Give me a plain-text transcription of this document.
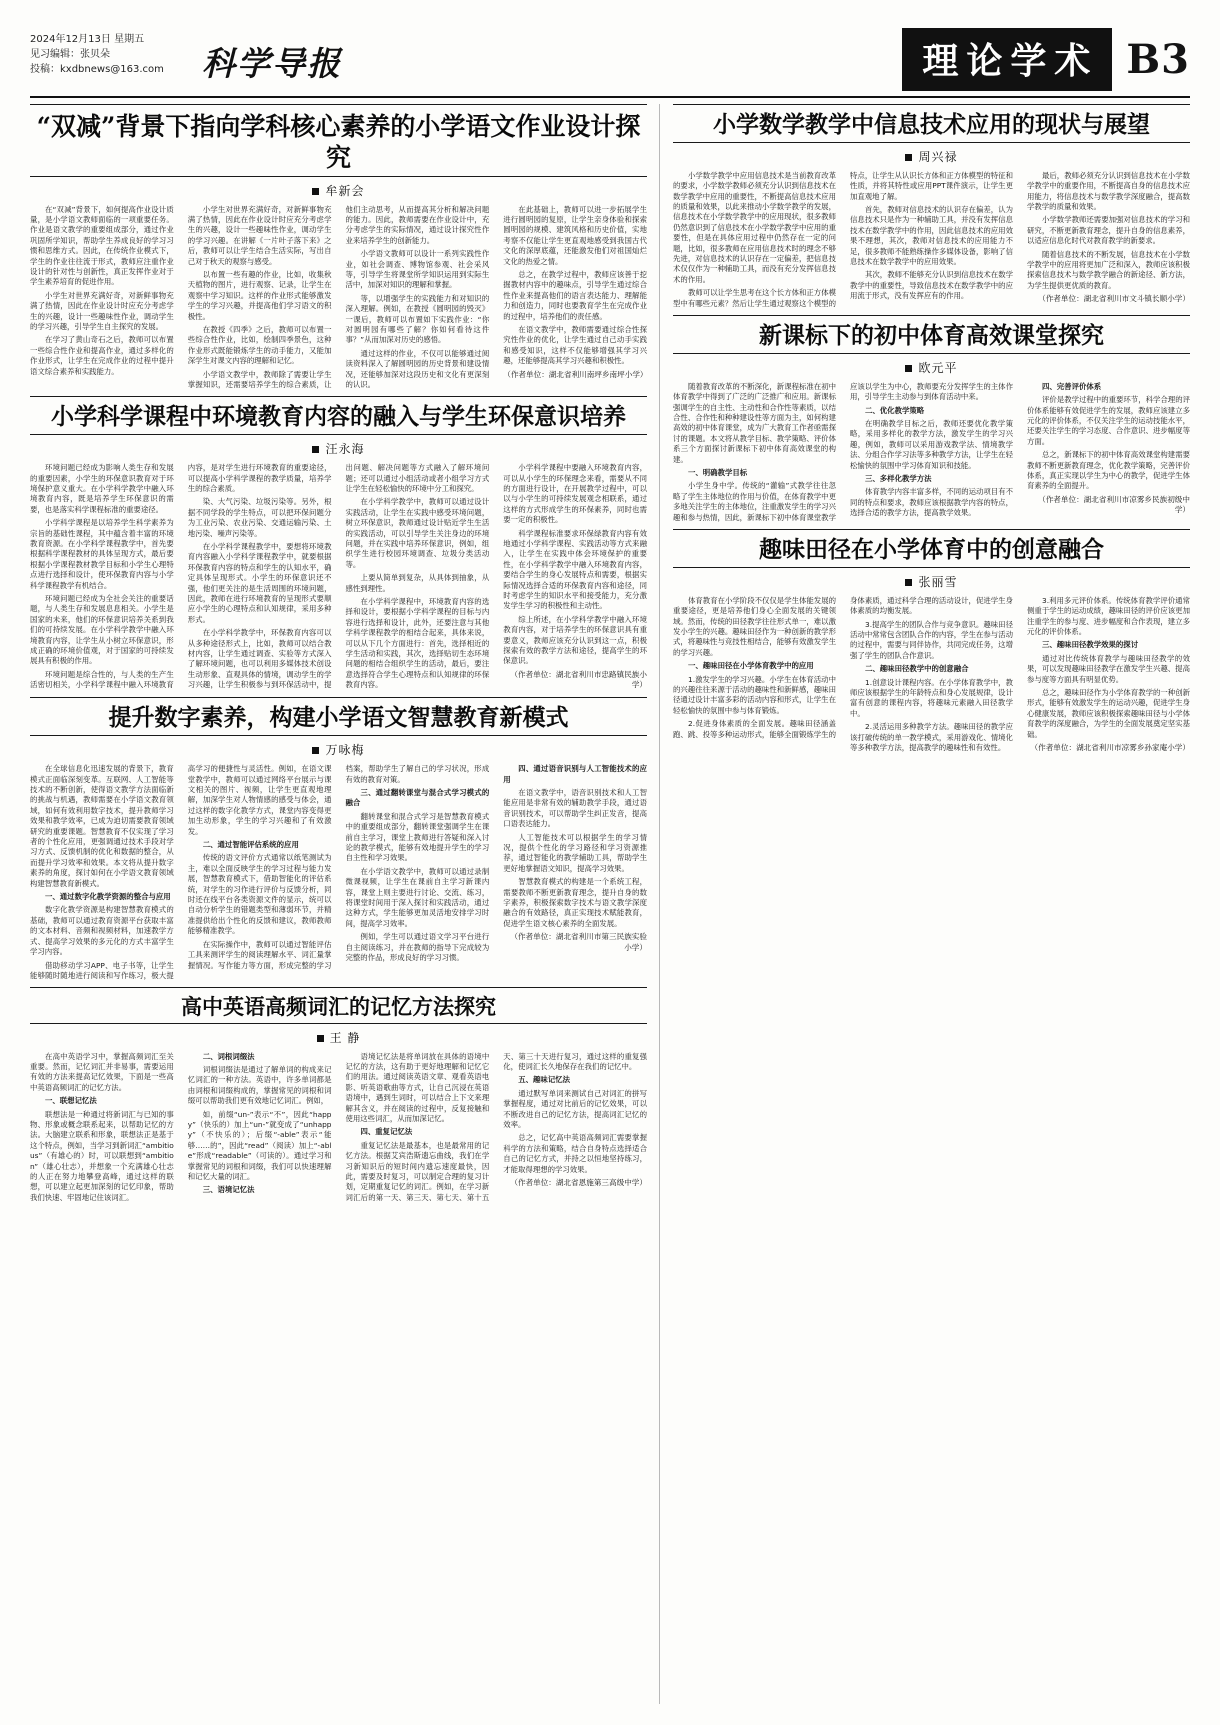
2024年12月13日 星期五
见习编辑：张贝朵
投稿：kxdbnews@163.com	科学导报	理论学术 B3
“双减”背景下指向学科核心素养的小学语文作业设计探究
牟新会

在“双减”背景下，如何提高作业设计质量，是小学语文教师面临的一项重要任务。作业是语文教学的重要组成部分，通过作业巩固所学知识，帮助学生养成良好的学习习惯和思维方式。因此，在传统作业模式下，学生的作业往往流于形式，教师应注重作业设计的针对性与创新性，真正发挥作业对于学生素养培育的促进作用。

小学生对世界充满好奇，对新鲜事物充满了热情，因此在作业设计时应充分考虑学生的兴趣，设计一些趣味性作业，调动学生的学习兴趣，引导学生自主探究的发展。

在学习了黄山奇石之后，教师可以布置一些综合性作业和提高作业，通过多样化的作业形式，让学生在完成作业的过程中提升语文综合素养和实践能力。

小学生对世界充满好奇，对新鲜事物充满了热情，因此在作业设计时应充分考虑学生的兴趣，设计一些趣味性作业，调动学生的学习兴趣。在讲解《一片叶子落下来》之后，教师可以让学生结合生活实际，写出自己对于秋天的观察与感受。

以布置一些有趣的作业，比如，收集秋天植物的图片，进行观察、记录，让学生在观察中学习知识。这样的作业形式能够激发学生的学习兴趣，并提高他们学习语文的积极性。

在教授《四季》之后，教师可以布置一些综合性作业，比如，绘制四季景色，这种作业形式既能锻炼学生的动手能力，又能加深学生对课文内容的理解和记忆。

小学语文教学中，教师除了需要让学生掌握知识，还需要培养学生的综合素质，让他们主动思考，从而提高其分析和解决问题的能力。因此，教师需要在作业设计中，充分考虑学生的实际情况，通过设计探究性作业来培养学生的创新能力。

小学语文教师可以设计一系列实践性作业，如社会调查、博物馆参观、社会采风等，引导学生将课堂所学知识运用到实际生活中，加深对知识的理解和掌握。

等，以增强学生的实践能力和对知识的深入理解。例如，在教授《圆明园的毁灭》一课后，教师可以布置如下实践作业：“你对圆明园有哪些了解？你如何看待这件事？”从而加深对历史的感悟。

通过这样的作业，不仅可以能够通过阅读资料深入了解圆明园的历史背景和建设情况，还能够加深对这段历史和文化有更深刻的认识。

在此基础上，教师可以进一步拓展学生进行圆明园的复原，让学生亲身体验和探索圆明园的规模、建筑风格和历史价值，实地考察不仅能让学生更直观地感受到我国古代文化的深厚底蕴，还能激发他们对祖国灿烂文化的热爱之情。

总之，在教学过程中，教师应该善于挖掘教材内容中的趣味点，引导学生通过综合性作业来提高他们的语言表达能力、理解能力和创造力，同时也要教育学生在完成作业的过程中，培养他们的责任感。

在语文教学中，教师需要通过综合性探究性作业的优化，让学生通过自己动手实践和感受知识，这样不仅能够增强其学习兴趣，还能够提高其学习兴趣和积极性。

（作者单位：湖北省利川南坪乡南坪小学）
小学科学课程中环境教育内容的融入与学生环保意识培养
汪永海

环境问题已经成为影响人类生存和发展的重要因素，小学生的环保意识教育对于环境保护意义重大。在小学科学教学中融入环境教育内容，既是培养学生环保意识的需要，也是落实科学课程标准的重要途径。

小学科学课程是以培养学生科学素养为宗旨的基础性课程，其中蕴含着丰富的环境教育资源。在小学科学课程教学中，首先要根据科学课程教材的具体呈现方式，最后要根据小学课程教材教学目标和小学生心理特点进行选择和设计，使环保教育内容与小学科学课程教学有机结合。

环境问题已经成为全社会关注的重要话题，与人类生存和发展息息相关。小学生是国家的未来，他们的环保意识培养关系到我们的可持续发展。在小学科学教学中融入环境教育内容，让学生从小树立环保意识，形成正确的环境价值观，对于国家的可持续发展具有积极的作用。

环境问题是综合性的，与人类的生产生活密切相关，小学科学课程中融入环境教育内容，是对学生进行环境教育的重要途径，可以提高小学科学课程的教学质量，培养学生的综合素质。

染、大气污染、垃圾污染等。另外，根据不同学段的学生特点，可以把环保问题分为工业污染、农业污染、交通运输污染、土地污染、噪声污染等。

在小学科学课程教学中，要想将环境教育内容融入小学科学课程教学中，就要根据环保教育内容的特点和学生的认知水平，确定具体呈现形式。小学生的环保意识还不强，他们更关注的是生活周围的环境问题，因此，教师在进行环境教育的呈现形式要顺应小学生的心理特点和认知规律，采用多种形式。

在小学科学教学中，环保教育内容可以从多种途径形式上，比如，教师可以结合教材内容，让学生通过调查、实验等方式深入了解环境问题，也可以利用多媒体技术创设生动形象、直观具体的情境，调动学生的学习兴趣，让学生积极参与到环保活动中，提出问题、解决问题等方式融入了解环境问题；还可以通过小组活动或者小组学习方式让学生在轻松愉快的环境中分工和探究。

在小学科学教学中，教师可以通过设计实践活动，让学生在实践中感受环境问题，树立环保意识，教师通过设计贴近学生生活的实践活动，可以引导学生关注身边的环境问题，并在实践中培养环保意识，例如，组织学生进行校园环境调查、垃圾分类活动等。

上要从简单到复杂，从具体到抽象，从感性到理性。

在小学科学课程中，环境教育内容的选择和设计，要根据小学科学课程的目标与内容进行选择和设计，此外，还要注意与其他学科学课程教学的相结合起来，具体来说，可以从下几个方面进行：首先，选择相近的学生活动和实践，其次，选择贴切生态环境问题的相结合组织学生的活动，最后，要注意选择符合学生心理特点和认知规律的环保教育内容。

小学科学课程中要融入环境教育内容，可以从小学生的环保理念来看，需要从不同的方面进行设计，在开展教学过程中，可以以与小学生的可持续发展观念相联系，通过这样的方式形成学生的环保素养，同时也需要一定的积极性。

科学课程标准要求环保绿教育内容有效地通过小学科学课程、实践活动等方式来融入，让学生在实践中体会环境保护的重要性，在小学科学教学中融入环境教育内容，要结合学生的身心发展特点和需要，根据实际情况选择合适的环保教育内容和途径，同时考虑学生的知识水平和接受能力，充分激发学生学习的积极性和主动性。

综上所述，在小学科学教学中融入环境教育内容，对于培养学生的环保意识具有重要意义，教师应该充分认识到这一点，积极探索有效的教学方法和途径，提高学生的环保意识。

（作者单位：湖北省利川市忠路镇民族小学）
提升数字素养，构建小学语文智慧教育新模式
万咏梅

在全球信息化迅速发展的背景下，教育模式正面临深刻变革。互联网、人工智能等技术的不断创新，使得语文教学方法面临新的挑战与机遇，教师需要在小学语文教育领域，如何有效利用数字技术，提升教师学习效果和教学效率，已成为迫切需要教育领域研究的重要课题。智慧教育不仅实现了学习者的个性化应用，更强调通过技术手段对学习方式、反馈机制的优化和数据的整合，从而提升学习效率和效果。本文将从提升数字素养的角度，探讨如何在小学语文教育领域构建智慧教育新模式。

一、通过数字化教学资源的整合与应用

数字化教学资源是构建智慧教育模式的基础，教师可以通过教育资源平台获取丰富的文本材料、音频和视频材料，加速教学方式、提高学习效果的多元化的方式丰富学生学习内容。

借助移动学习APP、电子书等，让学生能够随时随地进行阅读和写作练习，极大提高学习的便捷性与灵活性。例如，在语文课堂教学中，教师可以通过网络平台展示与课文相关的图片、视频，让学生更直观地理解，加深学生对人物情感的感受与体会，通过这样的数字化教学方式，课堂内容变得更加生动形象，学生的学习兴趣和了有效激发。

二、通过智能评估系统的应用

传统的语文评价方式通常以纸笔测试为主，难以全面反映学生的学习过程与能力发展，智慧教育模式下，借助智能化的评估系统，对学生的习作进行评价与反馈分析，同时还在线平台各类资源文件的显示，统可以自动分析学生的错题类型和薄弱环节，并精准提供给出个性化的反馈和建议，教师教师能够精准教学。

在实际操作中，教师可以通过智能评估工具来测评学生的阅读理解水平、词汇量掌握情况。写作能力等方面，形成完整的学习档案，帮助学生了解自己的学习状况，形成有效的教育对策。

三、通过翻转课堂与混合式学习模式的融合

翻转课堂和混合式学习是智慧教育模式中的重要组成部分，翻转课堂强调学生在课前自主学习，课堂上教师进行答疑和深入讨论的教学模式，能够有效地提升学生的学习自主性和学习效果。

在小学语文教学中，教师可以通过录制微课视频，让学生在课前自主学习新课内容，课堂上则主要进行讨论、交流、练习，将课堂时间用于深入探讨和实践活动，通过这种方式，学生能够更加灵活地安排学习时间，提高学习效率。

例如，学生可以通过语文学习平台进行自主阅读练习，并在教师的指导下完成较为完整的作品，形成良好的学习习惯。

四、通过语音识别与人工智能技术的应用

在语文教学中，语音识别技术和人工智能应用是非常有效的辅助教学手段，通过语音识别技术，可以帮助学生纠正发音，提高口语表达能力。

人工智能技术可以根据学生的学习情况，提供个性化的学习路径和学习资源推荐，通过智能化的教学辅助工具，帮助学生更好地掌握语文知识，提高学习效果。

智慧教育模式的构建是一个系统工程，需要教师不断更新教育理念，提升自身的数字素养，积极探索数字技术与语文教学深度融合的有效路径，真正实现技术赋能教育，促进学生语文核心素养的全面发展。

（作者单位：湖北省利川市第三民族实验小学）
高中英语高频词汇的记忆方法探究
王 静

在高中英语学习中，掌握高频词汇至关重要。然而，记忆词汇并非易事，需要运用有效的方法来提高记忆效果，下面是一些高中英语高频词汇的记忆方法。

一、联想记忆法

联想法是一种通过将新词汇与已知的事物、形象或概念联系起来，以帮助记忆的方法。大脑建立联系和形象，联想法正是基于这个特点，例如，当学习到新词汇“ambitious”（有雄心的）时，可以联想到“ambition”（雄心壮志），并想象一个充满雄心壮志的人正在努力地攀登高峰，通过这样的联想，可以建立起更加深刻的记忆印象，帮助我们快速、牢固地记住该词汇。

二、词根词缀法

词根词缀法是通过了解单词的构成来记忆词汇的一种方法。英语中，许多单词都是由词根和词缀构成的，掌握常见的词根和词缀可以帮助我们更有效地记忆词汇。例如，

如，前缀“un-”表示“不”，因此“happy”（快乐的）加上“un-”就变成了“unhappy”（不快乐的）；后缀“-able”表示“能够……的”，因此“read”（阅读）加上“-able”形成“readable”（可读的）。通过学习和掌握常见的词根和词缀，我们可以快速理解和记忆大量的词汇。

三、语境记忆法

语境记忆法是将单词放在具体的语境中记忆的方法，这有助于更好地理解和记忆它们的用法。通过阅读英语文章、观看英语电影、听英语歌曲等方式，让自己沉浸在英语语境中，遇到生词时，可以结合上下文来理解其含义，并在阅读的过程中，反复接触和使用这些词汇，从而加深记忆。

四、重复记忆法

重复记忆法是最基本，也是最常用的记忆方法。根据艾宾浩斯遗忘曲线，我们在学习新知识后的短时间内遗忘速度最快，因此，需要及时复习，可以制定合理的复习计划，定期重复记忆的词汇。例如，在学习新词汇后的第一天、第三天、第七天、第十五天、第三十天进行复习，通过这样的重复强化，使词汇长久地保存在我们的记忆中。

五、趣味记忆法

通过默写单词来测试自己对词汇的拼写掌握程度，通过对比前后的记忆效果，可以不断改进自己的记忆方法，提高词汇记忆的效率。

总之，记忆高中英语高频词汇需要掌握科学的方法和策略，结合自身特点选择适合自己的记忆方式，并持之以恒地坚持练习，才能取得理想的学习效果。

（作者单位：湖北省恩施第三高级中学）
小学数学教学中信息技术应用的现状与展望
周兴禄

小学数学教学中应用信息技术是当前教育改革的要求，小学数学教师必须充分认识到信息技术在数学教学中应用的重要性，不断提高信息技术应用的质量和效果，以此来推动小学数学教学的发展，信息技术在小学数学教学中的应用现状，很多教师仍然意识到了信息技术在小学数学教学中应用的重要性，但是在具体应用过程中仍然存在一定的问题，比如，很多教师在应用信息技术时的理念不够先进，对信息技术的认识存在一定偏差，把信息技术仅仅作为一种辅助工具，而没有充分发挥信息技术的作用。

教师可以让学生思考在这个长方体和正方体模型中有哪些元素？然后让学生通过观察这个模型的特点，让学生从认识长方体和正方体模型的特征和性质，并将其特性或应用PPT课件演示，让学生更加直观地了解。

首先，教师对信息技术的认识存在偏差，认为信息技术只是作为一种辅助工具，并没有发挥信息技术在数学教学中的作用，因此信息技术的应用效果不理想，其次，教师对信息技术的应用能力不足，很多教师不能熟练操作多媒体设备，影响了信息技术在数学教学中的应用效果。

其次，教师不能够充分认识到信息技术在数学教学中的重要性，导致信息技术在数学教学中的应用流于形式，没有发挥应有的作用。

最后，教师必须充分认识到信息技术在小学数学教学中的重要作用，不断提高自身的信息技术应用能力，将信息技术与数学教学深度融合，提高数学教学的质量和效果。

小学数学教师还需要加强对信息技术的学习和研究，不断更新教育理念，提升自身的信息素养，以适应信息化时代对教育教学的新要求。

随着信息技术的不断发展，信息技术在小学数学教学中的应用将更加广泛和深入，教师应该积极探索信息技术与数学教学融合的新途径、新方法，为学生提供更优质的教育。

（作者单位：湖北省利川市文斗镇长顺小学）
新课标下的初中体育高效课堂探究
欧元平

随着教育改革的不断深化，新课程标准在初中体育教学中得到了广泛的广泛推广和应用。新课标强调学生的自主性、主动性和合作性等素质，以结合性、合作性和种种建设性等方面为主，如何构建高效的初中体育课堂，成为广大教育工作者亟需探讨的课题。本文将从教学目标、教学策略、评价体系三个方面探讨新课标下初中体育高效课堂的构建。

一、明确教学目标

小学生身中学。传统的“灌输”式教学往往忽略了学生主体地位的作用与价值，在体育教学中更多地关注学生的主体地位，注重激发学生的学习兴趣和参与热情，因此，新课标下初中体育课堂教学应该以学生为中心，教师要充分发挥学生的主体作用，引导学生主动参与到体育活动中来。

二、优化教学策略

在明确教学目标之后，教师还要优化教学策略，采用多样化的教学方法，激发学生的学习兴趣，例如，教师可以采用游戏教学法、情境教学法、分组合作学习法等多种教学方法，让学生在轻松愉快的氛围中学习体育知识和技能。

三、多样化教学方法

体育教学内容丰富多样，不同的运动项目有不同的特点和要求，教师应该根据教学内容的特点，选择合适的教学方法，提高教学效果。

四、完善评价体系

评价是教学过程中的重要环节，科学合理的评价体系能够有效促进学生的发展，教师应该建立多元化的评价体系，不仅关注学生的运动技能水平，还要关注学生的学习态度、合作意识、进步幅度等方面。

总之，新课标下的初中体育高效课堂构建需要教师不断更新教育理念，优化教学策略，完善评价体系，真正实现以学生为中心的教学，促进学生体育素养的全面提升。

（作者单位：湖北省利川市凉雾乡民族初级中学）
趣味田径在小学体育中的创意融合
张丽雪

体育教育在小学阶段不仅仅是学生体能发展的重要途径，更是培养他们身心全面发展的关键领域。然而，传统的田径教学往往形式单一，难以激发小学生的兴趣。趣味田径作为一种创新的教学形式，将趣味性与竞技性相结合，能够有效激发学生的学习兴趣。

一、趣味田径在小学体育教学中的应用

1.激发学生的学习兴趣。小学生在体育活动中的兴趣往往来源于活动的趣味性和新鲜感，趣味田径通过设计丰富多彩的活动内容和形式，让学生在轻松愉快的氛围中参与体育锻炼。

2.促进身体素质的全面发展。趣味田径涵盖跑、跳、投等多种运动形式，能够全面锻炼学生的身体素质，通过科学合理的活动设计，促进学生身体素质的均衡发展。

3.提高学生的团队合作与竞争意识。趣味田径活动中常常包含团队合作的内容，学生在参与活动的过程中，需要与同伴协作，共同完成任务，这增强了学生的团队合作意识。

二、趣味田径教学中的创意融合

1.创意设计课程内容。在小学体育教学中，教师应该根据学生的年龄特点和身心发展规律，设计富有创意的课程内容，将趣味元素融入田径教学中。

2.灵活运用多种教学方法。趣味田径的教学应该打破传统的单一教学模式，采用游戏化、情境化等多种教学方法，提高教学的趣味性和有效性。

3.利用多元评价体系。传统体育教学评价通常侧重于学生的运动成绩，趣味田径的评价应该更加注重学生的参与度、进步幅度和合作表现，建立多元化的评价体系。

三、趣味田径教学效果的探讨

通过对比传统体育教学与趣味田径教学的效果，可以发现趣味田径教学在激发学生兴趣、提高参与度等方面具有明显优势。

总之，趣味田径作为小学体育教学的一种创新形式，能够有效激发学生的运动兴趣，促进学生身心健康发展，教师应该积极探索趣味田径与小学体育教学的深度融合，为学生的全面发展奠定坚实基础。

（作者单位：湖北省利川市凉雾乡孙家庵小学）
